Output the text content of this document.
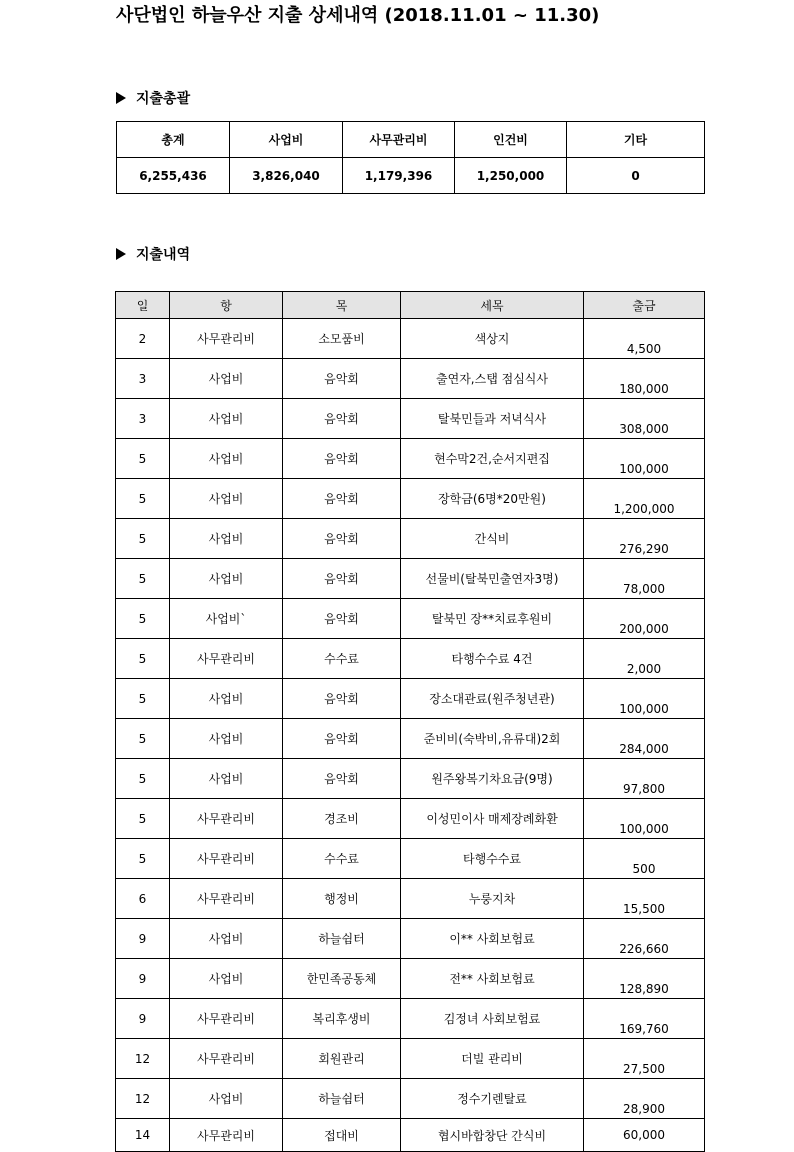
사단법인 하늘우산 지출 상세내역 (2018.11.01 ~ 11.30)
지출총괄
총계	사업비	사무관리비	인건비	기타
6,255,436	3,826,040	1,179,396	1,250,000	0
지출내역
일	항	목	세목	출금
2	사무관리비	소모품비	색상지	4,500
3	사업비	음악회	출연자,스탭 점심식사	180,000
3	사업비	음악회	탈북민들과 저녁식사	308,000
5	사업비	음악회	현수막2건,순서지편집	100,000
5	사업비	음악회	장학금(6명*20만원)	1,200,000
5	사업비	음악회	간식비	276,290
5	사업비	음악회	선물비(탈북민출연자3명)	78,000
5	사업비`	음악회	탈북민 장**치료후원비	200,000
5	사무관리비	수수료	타행수수료 4건	2,000
5	사업비	음악회	장소대관료(원주청년관)	100,000
5	사업비	음악회	준비비(숙박비,유류대)2회	284,000
5	사업비	음악회	원주왕복기차요금(9명)	97,800
5	사무관리비	경조비	이성민이사 매제장례화환	100,000
5	사무관리비	수수료	타행수수료	500
6	사무관리비	행정비	누룽지차	15,500
9	사업비	하늘쉼터	이** 사회보험료	226,660
9	사업비	한민족공동체	전** 사회보험료	128,890
9	사무관리비	복리후생비	김정녀 사회보험료	169,760
12	사무관리비	회원관리	더빌 관리비	27,500
12	사업비	하늘쉼터	정수기렌탈료	28,900
14	사무관리비	접대비	협시바합창단 간식비	60,000
